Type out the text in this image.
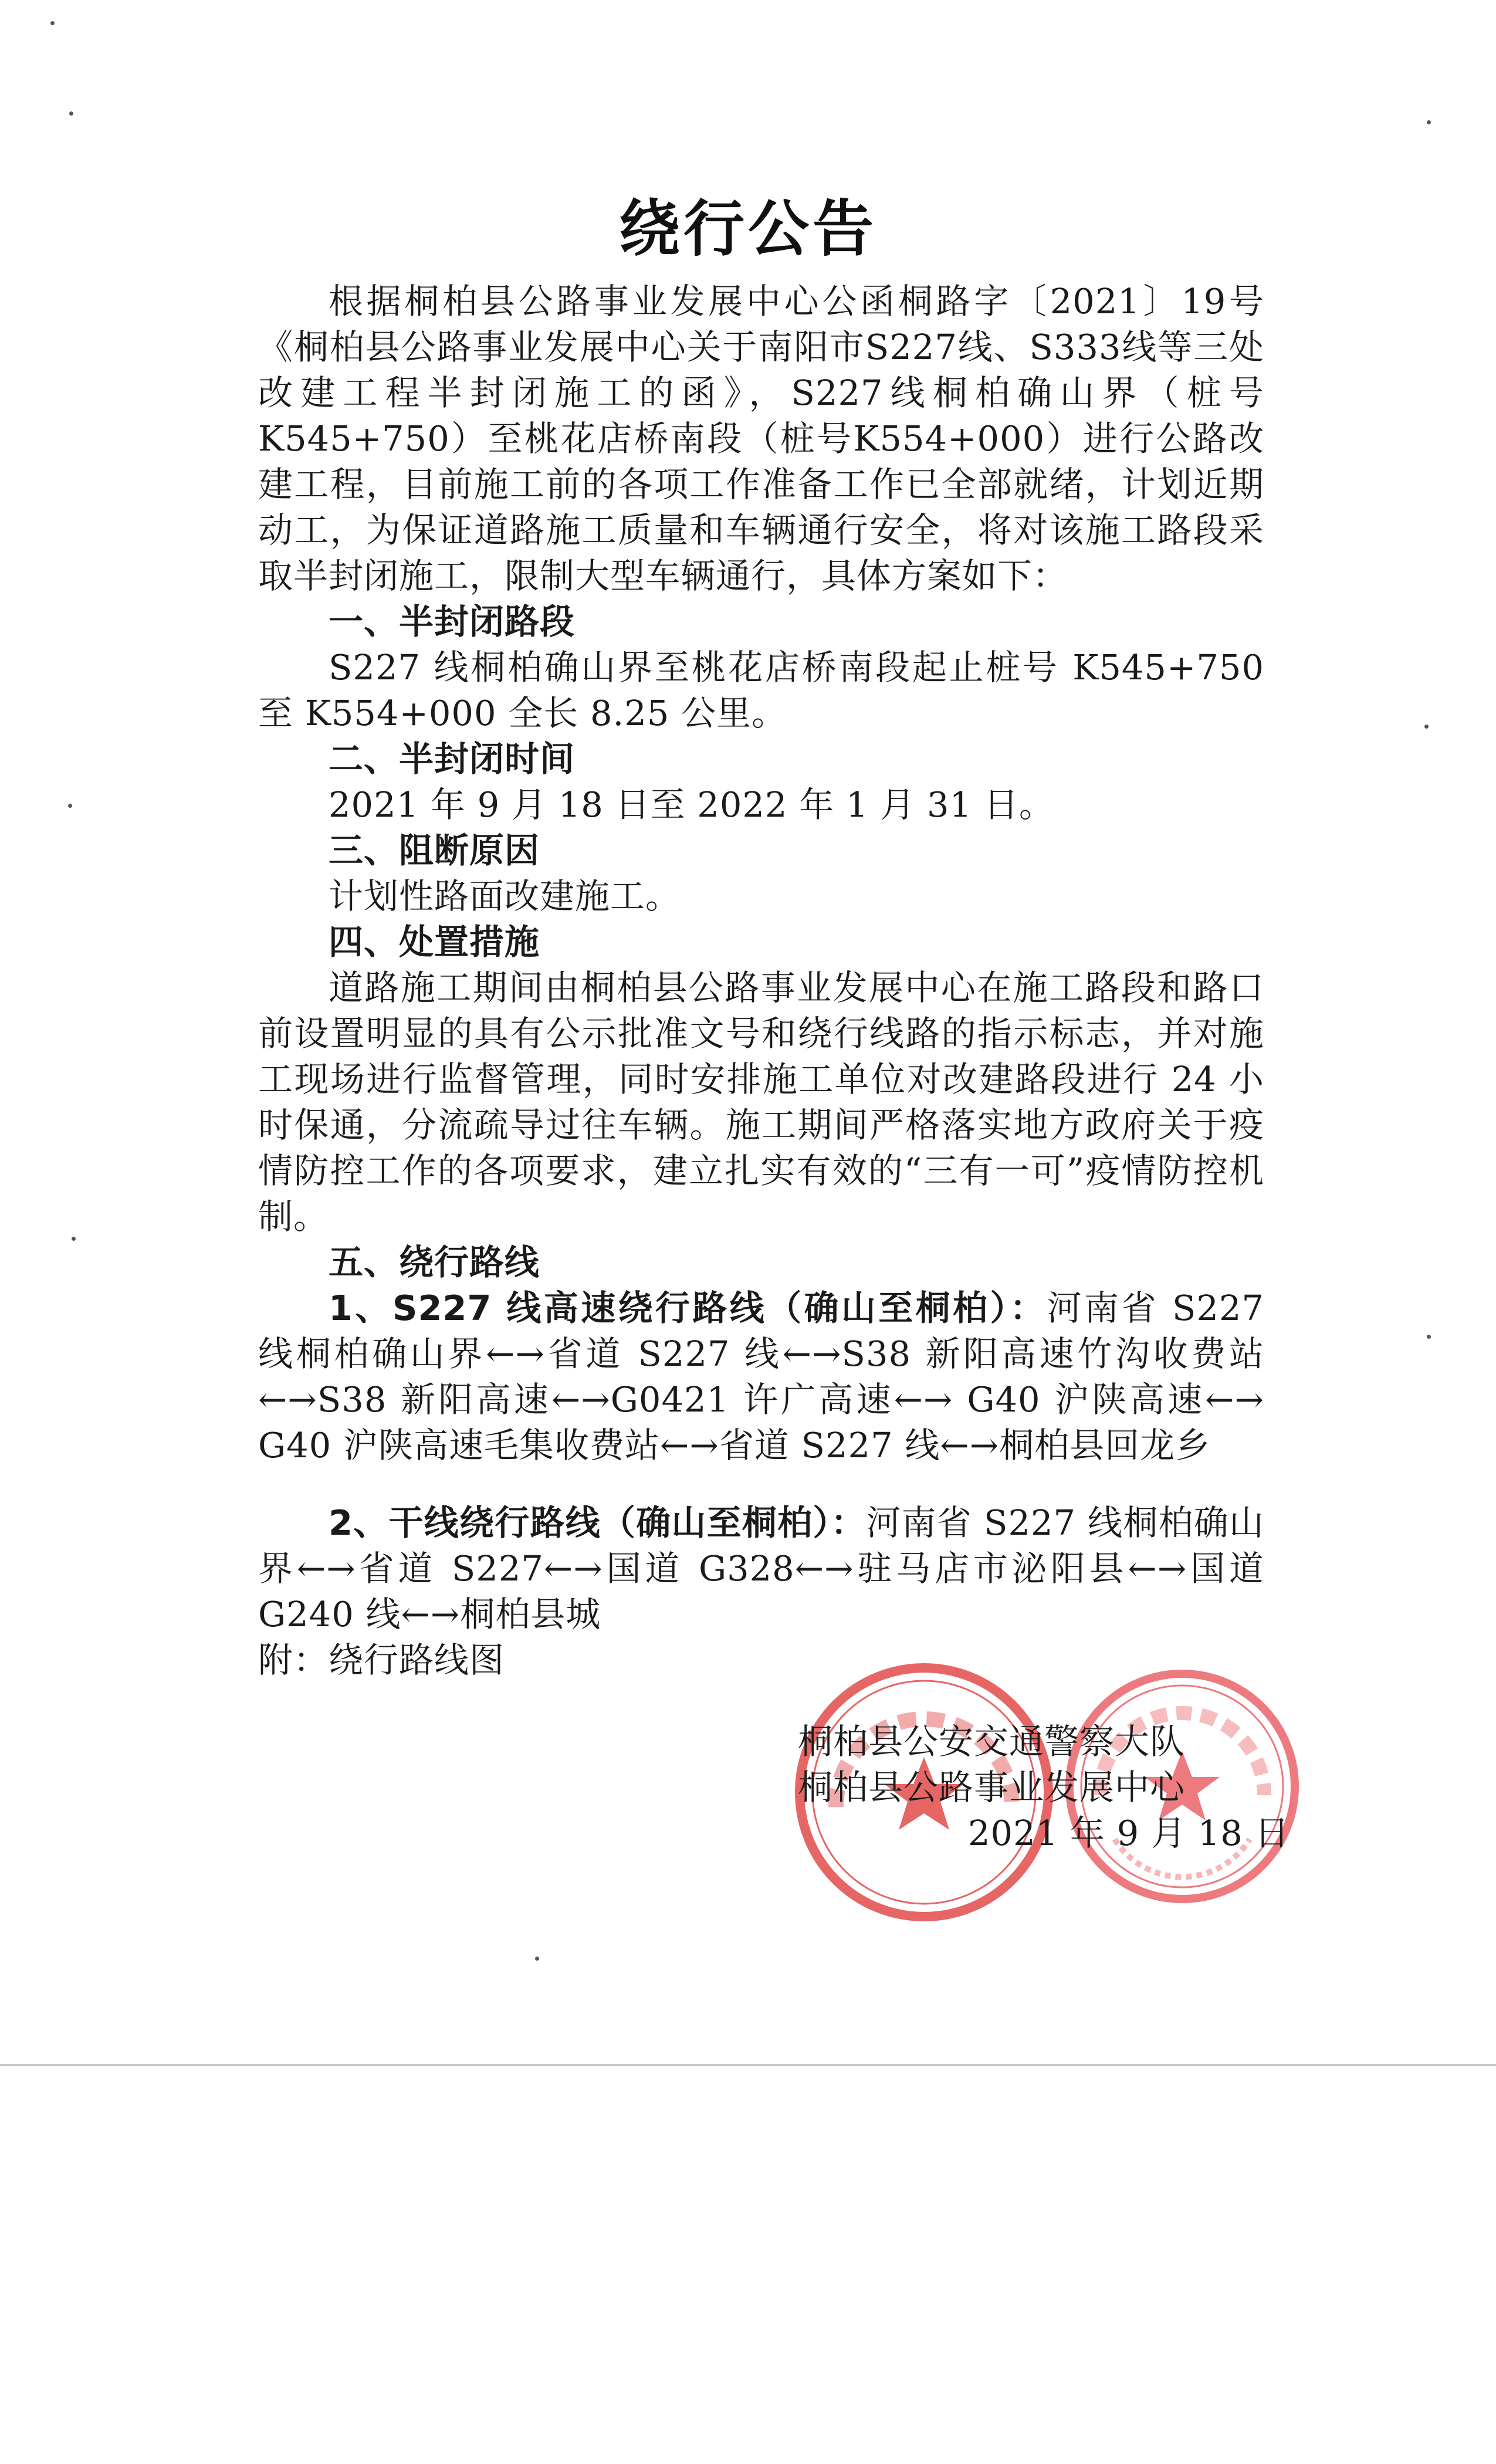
绕行公告

根据桐柏县公路事业发展中心公函桐路字〔2021〕19号《桐柏县公路事业发展中心关于南阳市S227线、S333线等三处改建工程半封闭施工的函》，S227线桐柏确山界（桩号K545+750）至桃花店桥南段（桩号K554+000）进行公路改建工程，目前施工前的各项工作准备工作已全部就绪，计划近期动工，为保证道路施工质量和车辆通行安全，将对该施工路段采取半封闭施工，限制大型车辆通行，具体方案如下：

一、半封闭路段

S227 线桐柏确山界至桃花店桥南段起止桩号 K545+750 至 K554+000 全长 8.25 公里。

二、半封闭时间

2021 年 9 月 18 日至 2022 年 1 月 31 日。

三、阻断原因

计划性路面改建施工。

四、处置措施

道路施工期间由桐柏县公路事业发展中心在施工路段和路口前设置明显的具有公示批准文号和绕行线路的指示标志，并对施工现场进行监督管理，同时安排施工单位对改建路段进行 24 小时保通，分流疏导过往车辆。施工期间严格落实地方政府关于疫情防控工作的各项要求，建立扎实有效的“三有一可”疫情防控机制。

五、绕行路线

1、S227 线高速绕行路线（确山至桐柏）：河南省 S227 线桐柏确山界←→省道 S227 线←→S38 新阳高速竹沟收费站←→S38 新阳高速←→G0421 许广高速←→ G40 沪陕高速←→ G40 沪陕高速毛集收费站←→省道 S227 线←→桐柏县回龙乡

2、干线绕行路线（确山至桐柏）：河南省 S227 线桐柏确山界←→省道 S227←→国道 G328←→驻马店市泌阳县←→国道 G240 线←→桐柏县城

附：绕行路线图

桐柏县公安交通警察大队
桐柏县公路事业发展中心
2021 年 9 月 18 日
